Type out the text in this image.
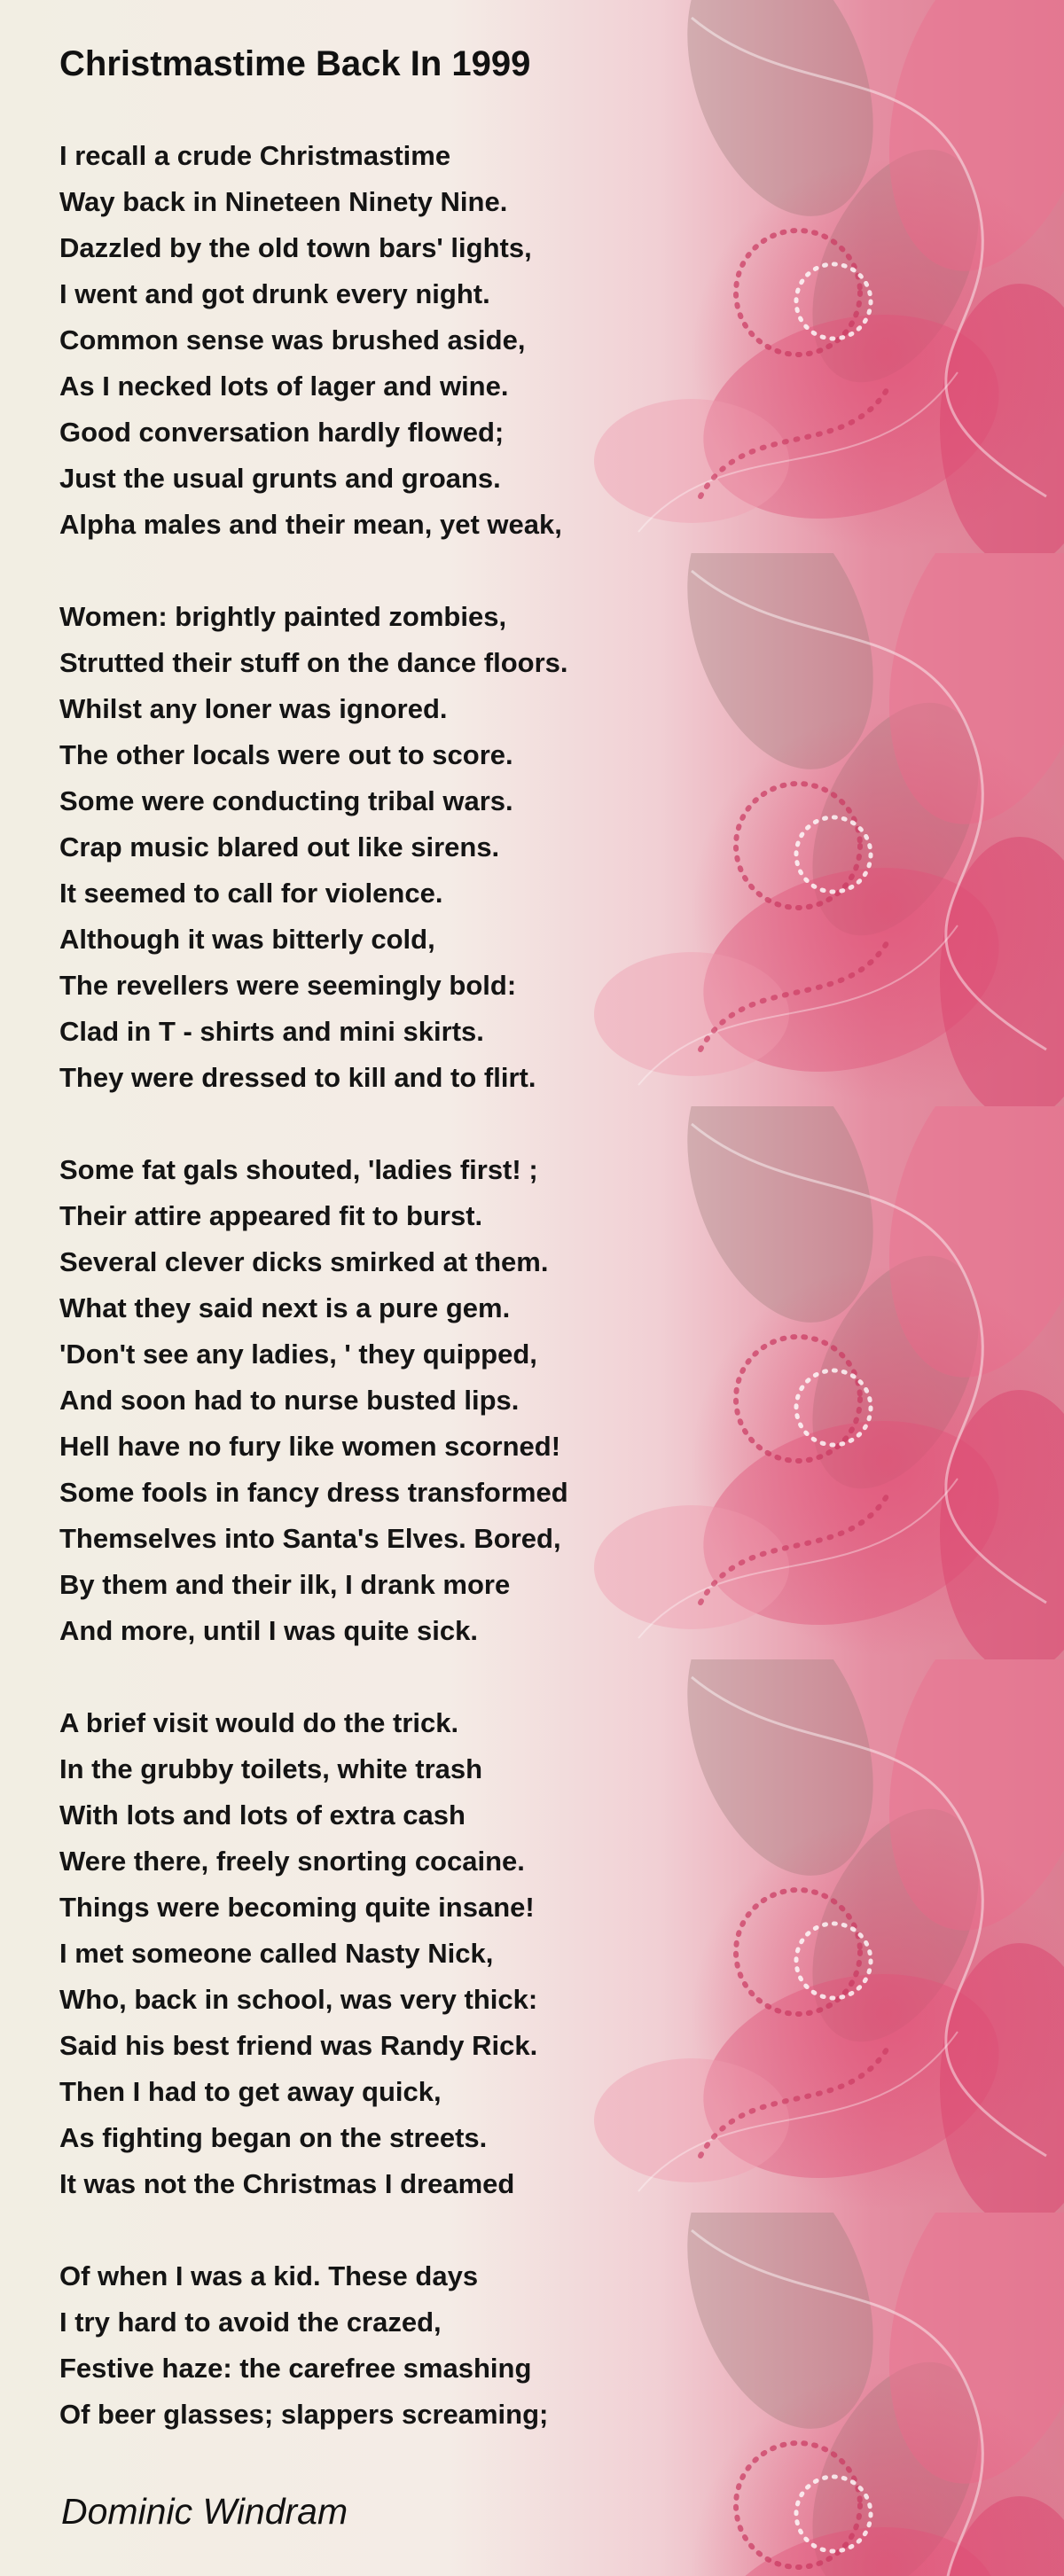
Christmastime Back In 1999
I recall a crude Christmastime
Way back in Nineteen Ninety Nine.
Dazzled by the old town bars' lights,
I went and got drunk every night.
Common sense was brushed aside,
As I necked lots of lager and wine.
Good conversation hardly flowed;
Just the usual grunts and groans.
Alpha males and their mean, yet weak,
Women: brightly painted zombies,
Strutted their stuff on the dance floors.
Whilst any loner was ignored.
The other locals were out to score.
Some were conducting tribal wars.
Crap music blared out like sirens.
It seemed to call for violence.
Although it was bitterly cold,
The revellers were seemingly bold:
Clad in T - shirts and mini skirts.
They were dressed to kill and to flirt.
Some fat gals shouted, 'ladies first! ;
Their attire appeared fit to burst.
Several clever dicks smirked at them.
What they said next is a pure gem.
'Don't see any ladies, ' they quipped,
And soon had to nurse busted lips.
Hell have no fury like women scorned!
Some fools in fancy dress transformed
Themselves into Santa's Elves. Bored,
By them and their ilk, I drank more
And more, until I was quite sick.
A brief visit would do the trick.
In the grubby toilets, white trash
With lots and lots of extra cash
Were there, freely snorting cocaine.
Things were becoming quite insane!
I met someone called Nasty Nick,
Who, back in school, was very thick:
Said his best friend was Randy Rick.
Then I had to get away quick,
As fighting began on the streets.
It was not the Christmas I dreamed
Of when I was a kid. These days
I try hard to avoid the crazed,
Festive haze: the carefree smashing
Of beer glasses; slappers screaming;

Dominic Windram
